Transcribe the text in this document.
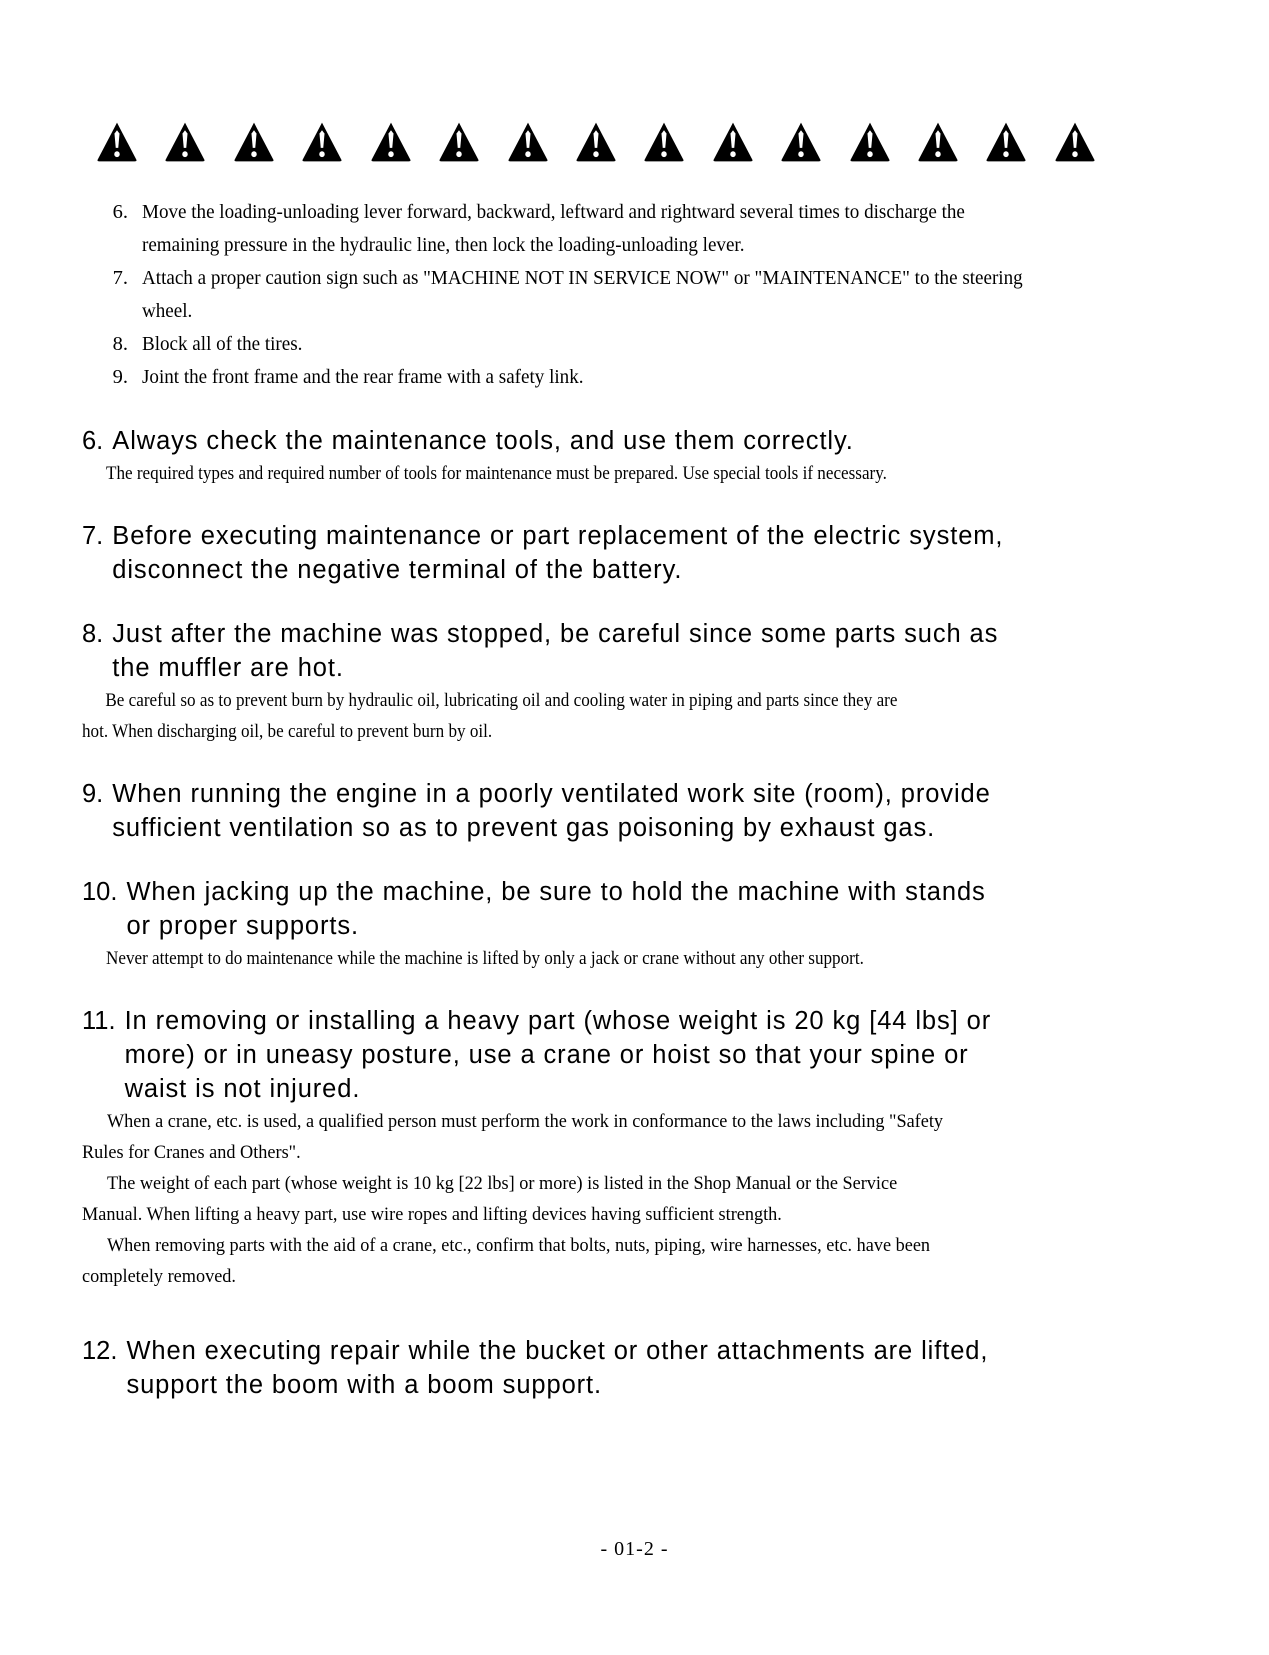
6. Move the loading-unloading lever forward, backward, leftward and rightward several times to discharge the remaining pressure in the hydraulic line, then lock the loading-unloading lever.
7. Attach a proper caution sign such as "MACHINE NOT IN SERVICE NOW" or "MAINTENANCE" to the steering wheel.
8. Block all of the tires.
9. Joint the front frame and the rear frame with a safety link.
6. Always check the maintenance tools, and use them correctly.

The required types and required number of tools for maintenance must be prepared. Use special tools if necessary.

7. Before executing maintenance or part replacement of the electric system,
disconnect the negative terminal of the battery.
8. Just after the machine was stopped, be careful since some parts such as
the muffler are hot.

Be careful so as to prevent burn by hydraulic oil, lubricating oil and cooling water in piping and parts since they are
hot. When discharging oil, be careful to prevent burn by oil.

9. When running the engine in a poorly ventilated work site (room), provide
sufficient ventilation so as to prevent gas poisoning by exhaust gas.
10. When jacking up the machine, be sure to hold the machine with stands
or proper supports.

Never attempt to do maintenance while the machine is lifted by only a jack or crane without any other support.

11. In removing or installing a heavy part (whose weight is 20 kg [44 lbs] or
more) or in uneasy posture, use a crane or hoist so that your spine or
waist is not injured.

When a crane, etc. is used, a qualified person must perform the work in conformance to the laws including "Safety
Rules for Cranes and Others".

The weight of each part (whose weight is 10 kg [22 lbs] or more) is listed in the Shop Manual or the Service
Manual. When lifting a heavy part, use wire ropes and lifting devices having sufficient strength.

When removing parts with the aid of a crane, etc., confirm that bolts, nuts, piping, wire harnesses, etc. have been
completely removed.

12. When executing repair while the bucket or other attachments are lifted,
support the boom with a boom support.
- 01-2 -
